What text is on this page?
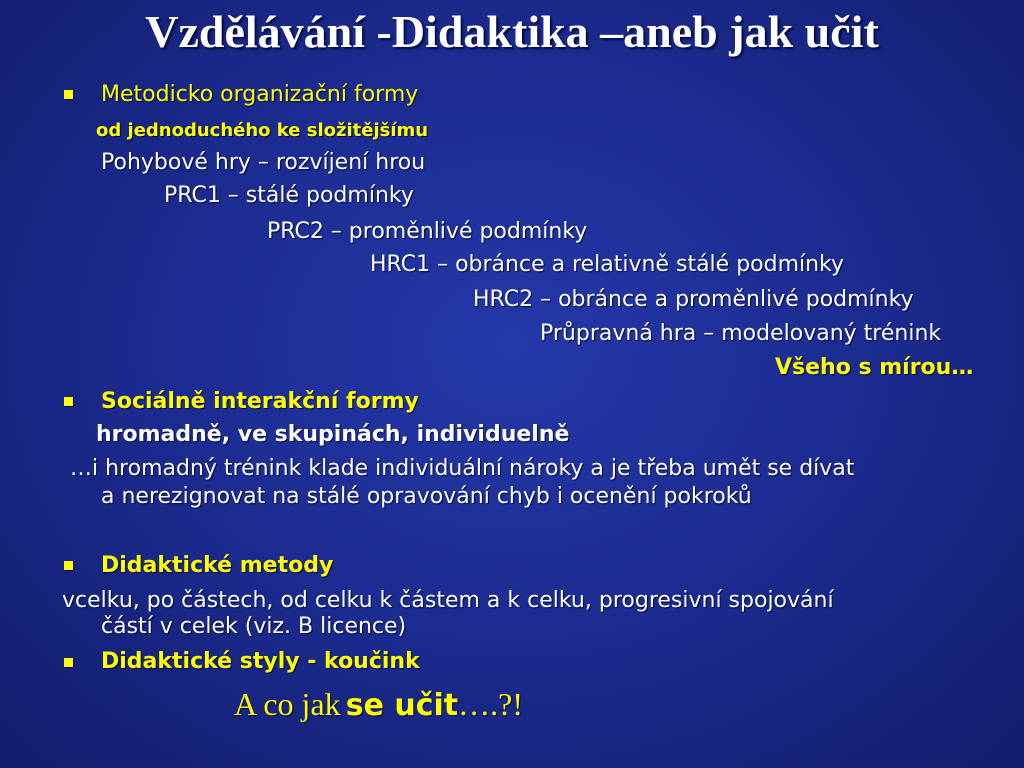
Vzdělávání -Didaktika –aneb jak učit
Metodicko organizační formy
od jednoduchého ke složitějšímu
Pohybové hry – rozvíjení hrou
PRC1 – stálé podmínky
PRC2 – proměnlivé podmínky
HRC1 – obránce a relativně stálé podmínky
HRC2 – obránce a proměnlivé podmínky
Průpravná hra – modelovaný trénink
Všeho s mírou…
Sociálně interakční formy
hromadně, ve skupinách, individuelně
…i hromadný trénink klade individuální nároky a je třeba umět se dívat
a nerezignovat na stálé opravování chyb i ocenění pokroků
Didaktické metody
vcelku, po částech, od celku k částem a k celku, progresivní spojování
částí v celek (viz. B licence)
Didaktické styly - koučink
A co jak se učit….?!
